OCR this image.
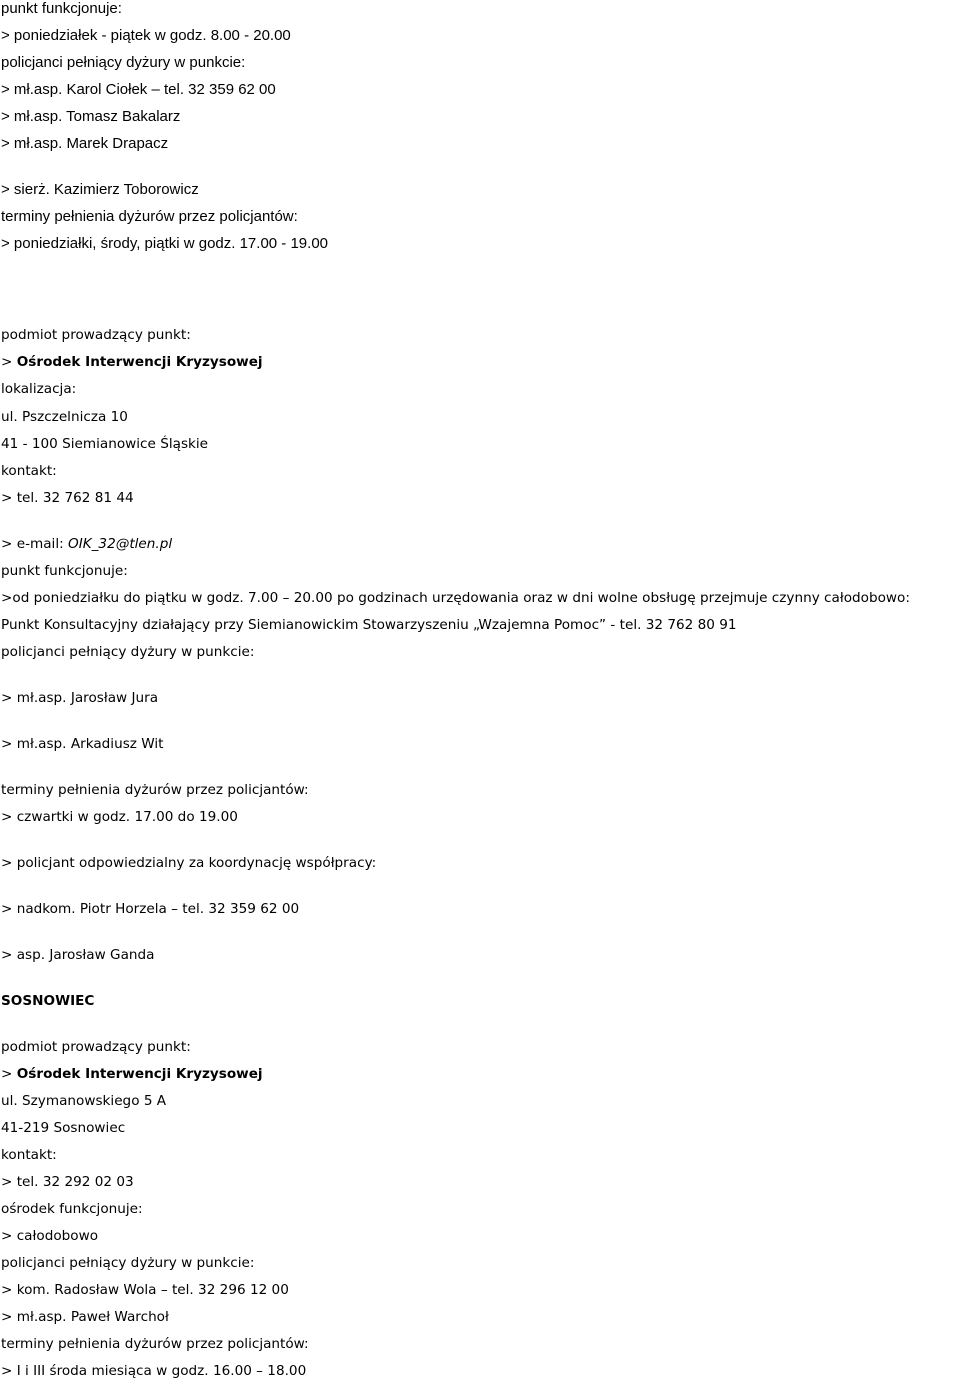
punkt funkcjonuje:
> poniedziałek - piątek w godz. 8.00 - 20.00
policjanci pełniący dyżury w punkcie:
> mł.asp. Karol Ciołek – tel. 32 359 62 00
> mł.asp. Tomasz Bakalarz
> mł.asp. Marek Drapacz
> sierż. Kazimierz Toborowicz
terminy pełnienia dyżurów przez policjantów:
> poniedziałki, środy, piątki w godz. 17.00 - 19.00
podmiot prowadzący punkt:
> Ośrodek Interwencji Kryzysowej
lokalizacja:
ul. Pszczelnicza 10
41 - 100 Siemianowice Śląskie
kontakt:
> tel. 32 762 81 44
> e-mail: OIK_32@tlen.pl
punkt funkcjonuje:
>od poniedziałku do piątku w godz. 7.00 – 20.00 po godzinach urzędowania oraz w dni wolne obsługę przejmuje czynny całodobowo:
Punkt Konsultacyjny działający przy Siemianowickim Stowarzyszeniu „Wzajemna Pomoc” - tel. 32 762 80 91
policjanci pełniący dyżury w punkcie:
> mł.asp. Jarosław Jura
> mł.asp. Arkadiusz Wit
terminy pełnienia dyżurów przez policjantów:
> czwartki w godz. 17.00 do 19.00
> policjant odpowiedzialny za koordynację współpracy:
> nadkom. Piotr Horzela – tel. 32 359 62 00
> asp. Jarosław Ganda
SOSNOWIEC
podmiot prowadzący punkt:
> Ośrodek Interwencji Kryzysowej
ul. Szymanowskiego 5 A
41-219 Sosnowiec
kontakt:
> tel. 32 292 02 03
ośrodek funkcjonuje:
> całodobowo
policjanci pełniący dyżury w punkcie:
> kom. Radosław Wola – tel. 32 296 12 00
> mł.asp. Paweł Warchoł
terminy pełnienia dyżurów przez policjantów:
> I i III środa miesiąca w godz. 16.00 – 18.00
